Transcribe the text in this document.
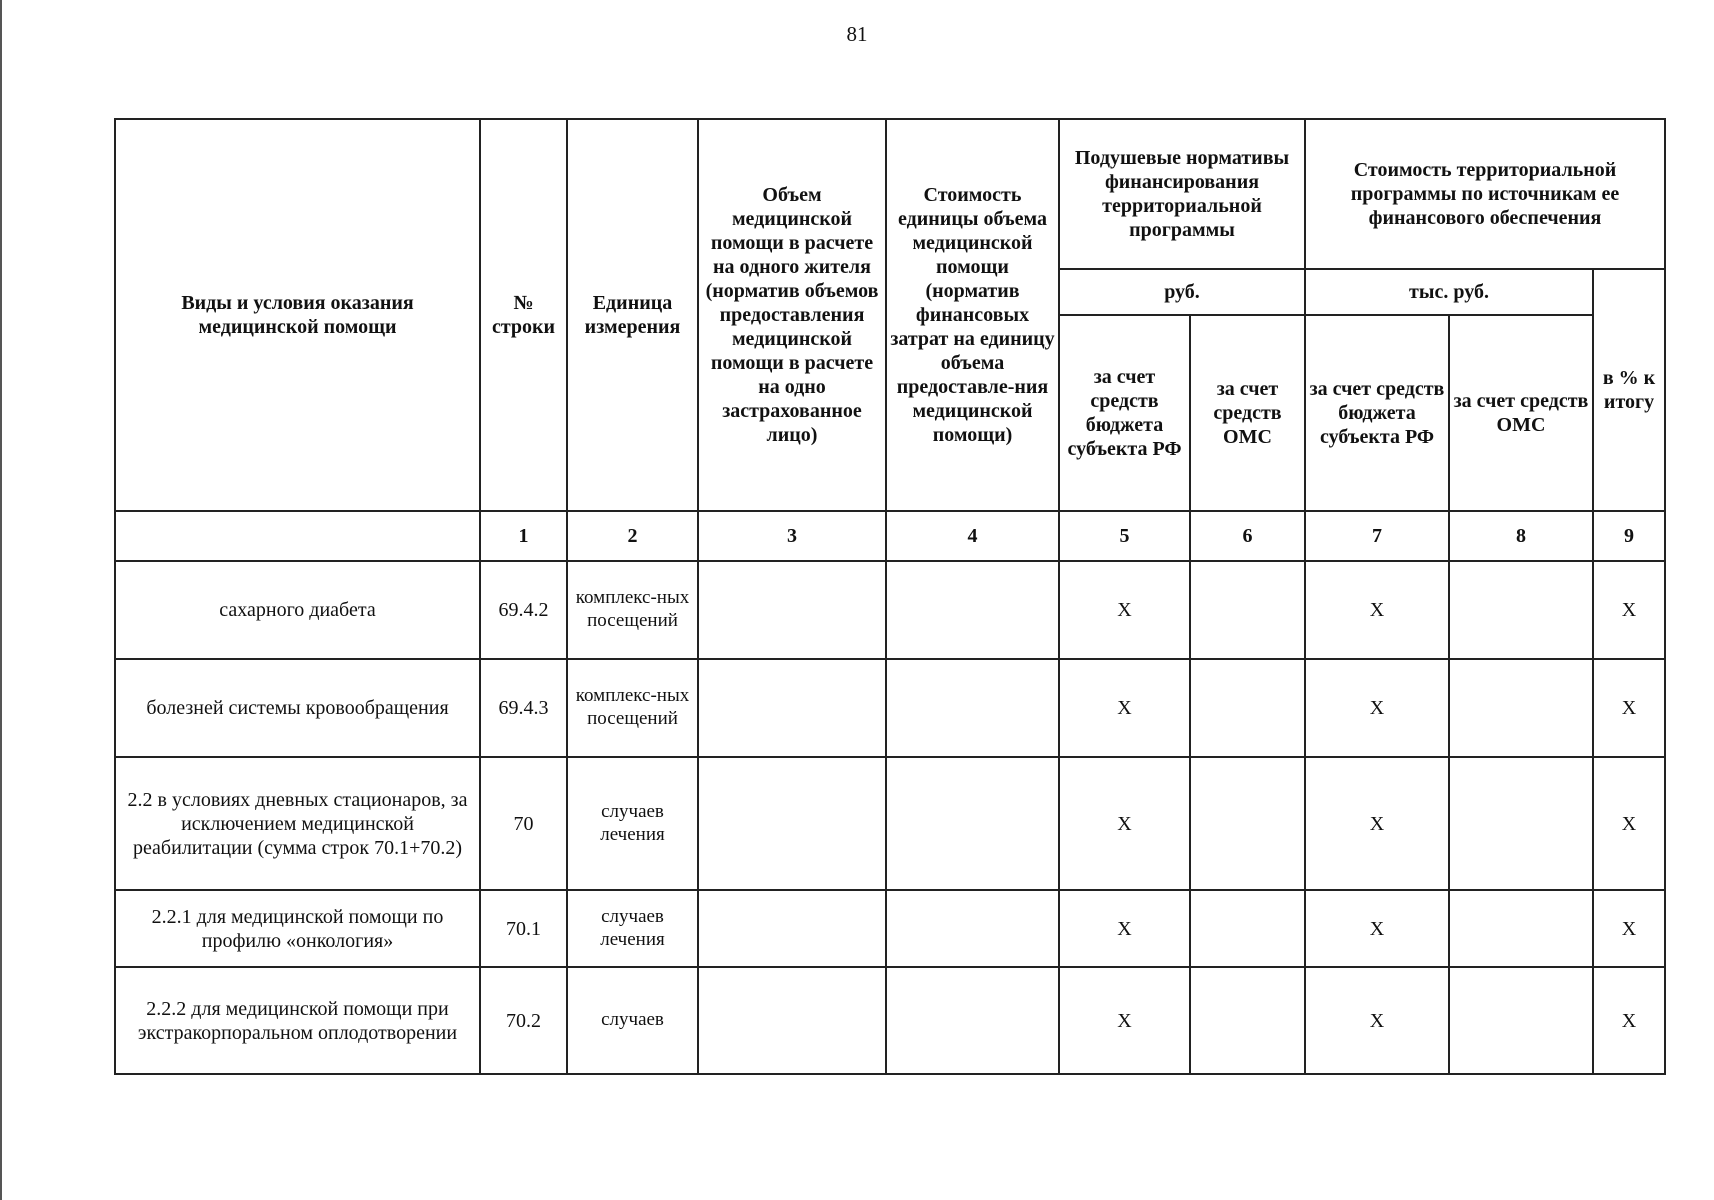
81
Виды и условия оказания медицинской помощи	№ строки	Единица измерения	Объем медицинской помощи в расчете на одного жителя (норматив объемов предоставления медицинской помощи в расчете на одно застрахованное лицо)	Стоимость единицы объема медицинской помощи (норматив финансовых затрат на единицу объема предоставле-ния медицинской помощи)	Подушевые нормативы финансирования территориальной программы		Стоимость территориальной программы по источникам ее финансового обеспечения		
					руб.		тыс. руб.		в % к итогу
					за счет средств бюджета субъекта РФ	за счет средств ОМС	за счет средств бюджета субъекта РФ	за счет средств ОМС	
	1	2	3	4	5	6	7	8	9
сахарного диабета	69.4.2	комплекс-ных посещений			X		X		X
болезней системы кровообращения	69.4.3	комплекс-ных посещений			X		X		X
2.2 в условиях дневных стационаров, за исключением медицинской реабилитации (сумма строк 70.1+70.2)	70	случаев лечения			X		X		X
2.2.1 для медицинской помощи по профилю «онкология»	70.1	случаев лечения			X		X		X
2.2.2 для медицинской помощи при экстракорпоральном оплодотворении	70.2	случаев			X		X		X
